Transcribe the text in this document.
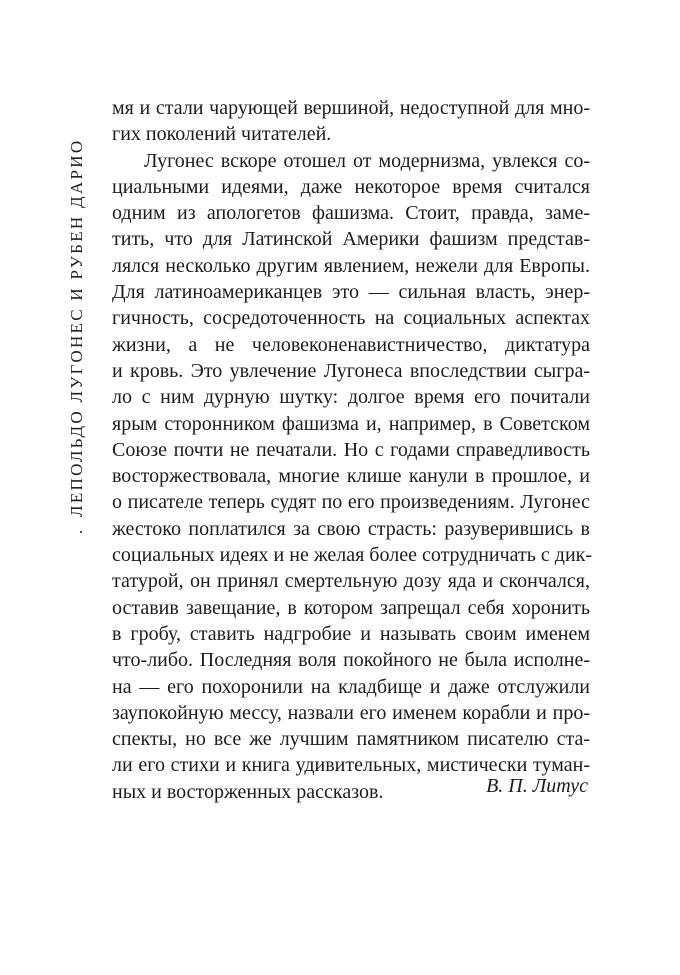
.
ЛЕПОЛЬДО ЛУГОНЕС И РУБЕН ДАРИО
мя и стали чарующей вершиной, недоступной для мно-
гих поколений читателей.
Лугонес вскоре отошел от модернизма, увлекся со-
циальными идеями, даже некоторое время считался
одним из апологетов фашизма. Стоит, правда, заме-
тить, что для Латинской Америки фашизм представ-
лялся несколько другим явлением, нежели для Европы.
Для латиноамериканцев это — сильная власть, энер-
гичность, сосредоточенность на социальных аспектах
жизни, а не человеконенавистничество, диктатура
и кровь. Это увлечение Лугонеса впоследствии сыгра-
ло с ним дурную шутку: долгое время его почитали
ярым сторонником фашизма и, например, в Советском
Союзе почти не печатали. Но с годами справедливость
восторжествовала, многие клише канули в прошлое, и
о писателе теперь судят по его произведениям. Лугонес
жестоко поплатился за свою страсть: разуверившись в
социальных идеях и не желая более сотрудничать с дик-
татурой, он принял смертельную дозу яда и скончался,
оставив завещание, в котором запрещал себя хоронить
в гробу, ставить надгробие и называть своим именем
что-либо. Последняя воля покойного не была исполне-
на — его похоронили на кладбище и даже отслужили
заупокойную мессу, назвали его именем корабли и про-
спекты, но все же лучшим памятником писателю ста-
ли его стихи и книга удивительных, мистически туман-
ных и восторженных рассказов.	В. П. Литус
